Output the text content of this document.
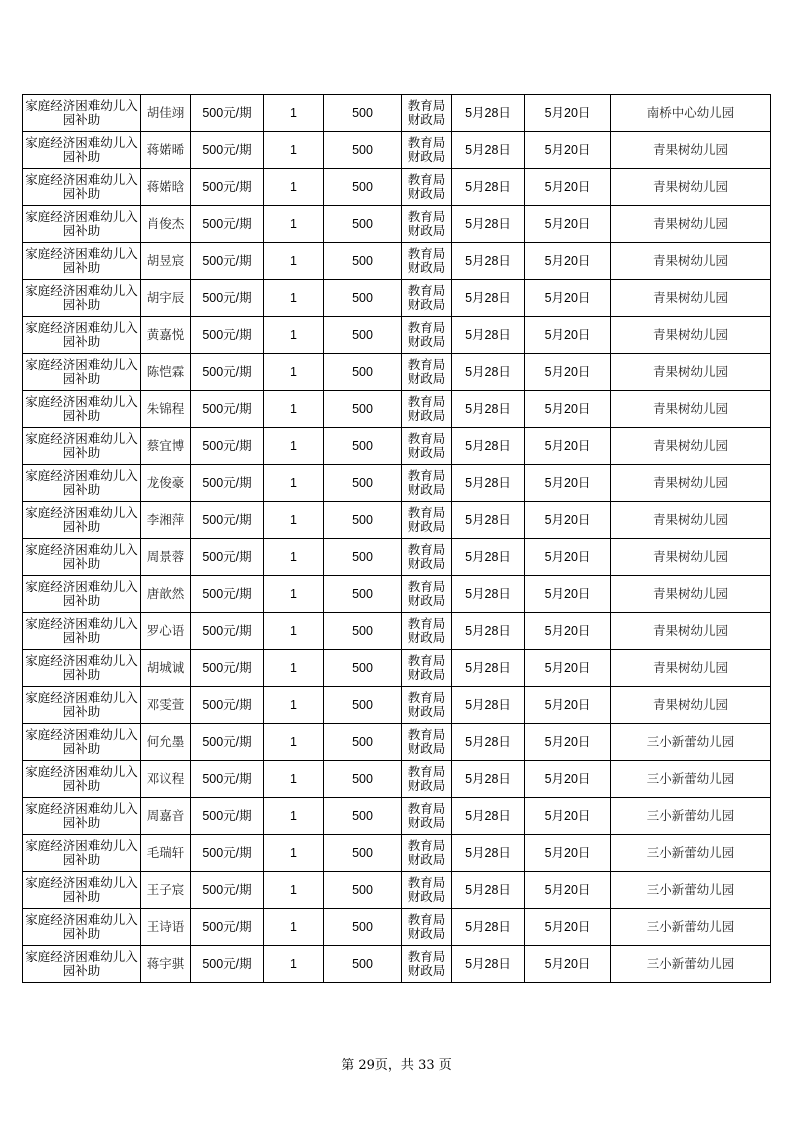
家庭经济困难幼儿入园补助	胡佳翊	500元/期	1	500	教育局财政局	5月28日	5月20日	南桥中心幼儿园
家庭经济困难幼儿入园补助	蒋婼晞	500元/期	1	500	教育局财政局	5月28日	5月20日	青果树幼儿园
家庭经济困难幼儿入园补助	蒋婼晗	500元/期	1	500	教育局财政局	5月28日	5月20日	青果树幼儿园
家庭经济困难幼儿入园补助	肖俊杰	500元/期	1	500	教育局财政局	5月28日	5月20日	青果树幼儿园
家庭经济困难幼儿入园补助	胡昱宸	500元/期	1	500	教育局财政局	5月28日	5月20日	青果树幼儿园
家庭经济困难幼儿入园补助	胡宇辰	500元/期	1	500	教育局财政局	5月28日	5月20日	青果树幼儿园
家庭经济困难幼儿入园补助	黄嘉悦	500元/期	1	500	教育局财政局	5月28日	5月20日	青果树幼儿园
家庭经济困难幼儿入园补助	陈恺霖	500元/期	1	500	教育局财政局	5月28日	5月20日	青果树幼儿园
家庭经济困难幼儿入园补助	朱锦程	500元/期	1	500	教育局财政局	5月28日	5月20日	青果树幼儿园
家庭经济困难幼儿入园补助	蔡宜博	500元/期	1	500	教育局财政局	5月28日	5月20日	青果树幼儿园
家庭经济困难幼儿入园补助	龙俊豪	500元/期	1	500	教育局财政局	5月28日	5月20日	青果树幼儿园
家庭经济困难幼儿入园补助	李湘萍	500元/期	1	500	教育局财政局	5月28日	5月20日	青果树幼儿园
家庭经济困难幼儿入园补助	周景蓉	500元/期	1	500	教育局财政局	5月28日	5月20日	青果树幼儿园
家庭经济困难幼儿入园补助	唐歆然	500元/期	1	500	教育局财政局	5月28日	5月20日	青果树幼儿园
家庭经济困难幼儿入园补助	罗心语	500元/期	1	500	教育局财政局	5月28日	5月20日	青果树幼儿园
家庭经济困难幼儿入园补助	胡城诚	500元/期	1	500	教育局财政局	5月28日	5月20日	青果树幼儿园
家庭经济困难幼儿入园补助	邓雯萱	500元/期	1	500	教育局财政局	5月28日	5月20日	青果树幼儿园
家庭经济困难幼儿入园补助	何允墨	500元/期	1	500	教育局财政局	5月28日	5月20日	三小新蕾幼儿园
家庭经济困难幼儿入园补助	邓议程	500元/期	1	500	教育局财政局	5月28日	5月20日	三小新蕾幼儿园
家庭经济困难幼儿入园补助	周嘉音	500元/期	1	500	教育局财政局	5月28日	5月20日	三小新蕾幼儿园
家庭经济困难幼儿入园补助	毛瑞轩	500元/期	1	500	教育局财政局	5月28日	5月20日	三小新蕾幼儿园
家庭经济困难幼儿入园补助	王子宸	500元/期	1	500	教育局财政局	5月28日	5月20日	三小新蕾幼儿园
家庭经济困难幼儿入园补助	王诗语	500元/期	1	500	教育局财政局	5月28日	5月20日	三小新蕾幼儿园
家庭经济困难幼儿入园补助	蒋宇骐	500元/期	1	500	教育局财政局	5月28日	5月20日	三小新蕾幼儿园
第 29页，共 33 页
